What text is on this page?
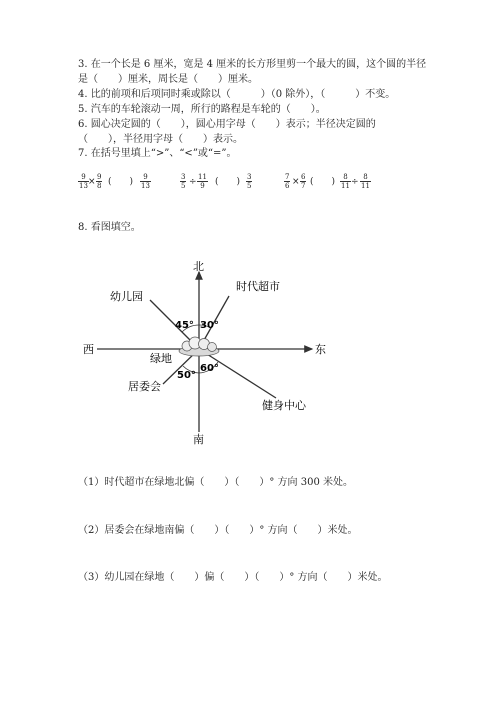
3. 在一个长是 6 厘米，宽是 4 厘米的长方形里剪一个最大的圆，这个圆的半径
是（　　）厘米，周长是（　　）厘米。
4. 比的前项和后项同时乘或除以（　　　）（0 除外），（　　　）不变。
5. 汽车的车轮滚动一周，所行的路程是车轮的（　　）。
6. 圆心决定圆的（　　），圆心用字母（　　）表示；半径决定圆的
（　　），半径用字母（　　）表示。
7. 在括号里填上“>”、“<”或“=”。
$\frac{9}{13} \times \frac{9}{8}$ (　　) $\frac{9}{13}$	$\frac{3}{5} \div \frac{11}{9}$ (　　) $\frac{3}{5}$	$\frac{7}{6} \times \frac{6}{7}$ (　　) $\frac{8}{11} \div \frac{8}{11}$
8. 看图填空。
北
南
东
西
绿地
幼儿园
时代超市
居委会
健身中心
45° 30°
50°
60°
（1）时代超市在绿地北偏（　　）（　　）° 方向 300 米处。
（2）居委会在绿地南偏（　　）（　　）° 方向（　　）米处。
（3）幼儿园在绿地（　　）偏（　　）（　　）° 方向（　　）米处。
